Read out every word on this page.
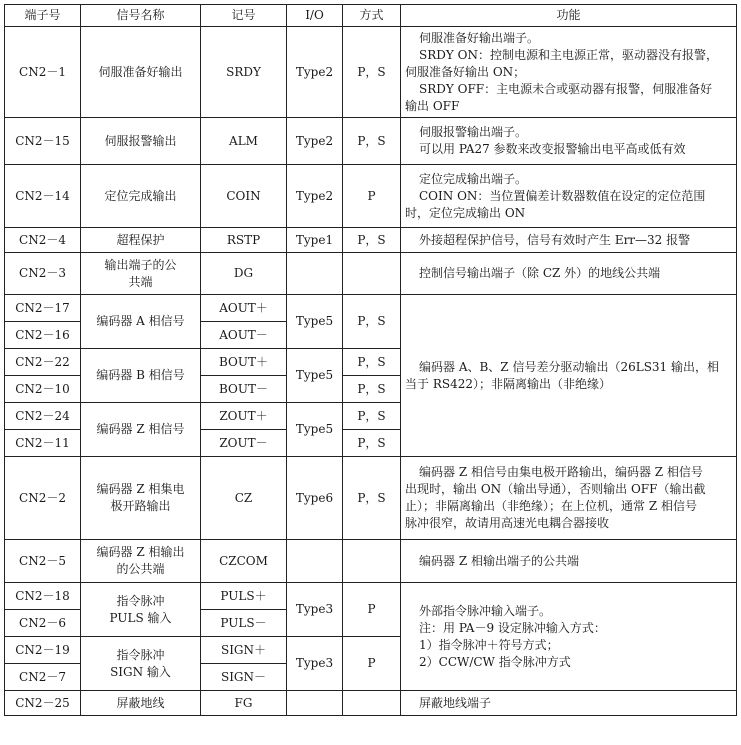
端子号	信号名称	记号	I/O	方式	功能
CN2－1	伺服准备好输出	SRDY	Type2	P，S	伺服准备好输出端子。
SRDY ON：控制电源和主电源正常，驱动器没有报警，
伺服准备好输出 ON；
SRDY OFF：主电源未合或驱动器有报警，伺服准备好
输出 OFF

CN2－15	伺服报警输出	ALM	Type2	P，S	伺服报警输出端子。
可以用 PA27 参数来改变报警输出电平高或低有效

CN2－14	定位完成输出	COIN	Type2	P	定位完成输出端子。
COIN ON：当位置偏差计数器数值在设定的定位范围
时，定位完成输出 ON

CN2－4	超程保护	RSTP	Type1	P，S	外接超程保护信号，信号有效时产生 Err—32 报警

CN2－3	输出端子的公共端	DG			控制信号输出端子（除 CZ 外）的地线公共端

CN2－17	编码器 A 相信号	AOUT＋	Type5	P，S	编码器 A、B、Z 信号差分驱动输出（26LS31 输出，相
当于 RS422）；非隔离输出（非绝缘）

CN2－16		AOUT－			
CN2－22	编码器 B 相信号	BOUT＋	Type5	P，S	
CN2－10		BOUT－		P，S	
CN2－24	编码器 Z 相信号	ZOUT＋	Type5	P，S	
CN2－11		ZOUT－		P，S	
CN2－2	编码器 Z 相集电极开路输出	CZ	Type6	P，S	编码器 Z 相信号由集电极开路输出，编码器 Z 相信号
出现时，输出 ON（输出导通），否则输出 OFF（输出截
止）；非隔离输出（非绝缘）；在上位机，通常 Z 相信号
脉冲很窄，故请用高速光电耦合器接收

CN2－5	编码器 Z 相输出的公共端	CZCOM			编码器 Z 相输出端子的公共端

CN2－18	指令脉冲 PULS 输入	PULS＋	Type3	P	外部指令脉冲输入端子。
注：用 PA－9 设定脉冲输入方式：
1）指令脉冲＋符号方式；
2）CCW/CW 指令脉冲方式

CN2－6		PULS－			
CN2－19	指令脉冲 SIGN 输入	SIGN＋	Type3	P	
CN2－7		SIGN－			
CN2－25	屏蔽地线	FG			屏蔽地线端子
